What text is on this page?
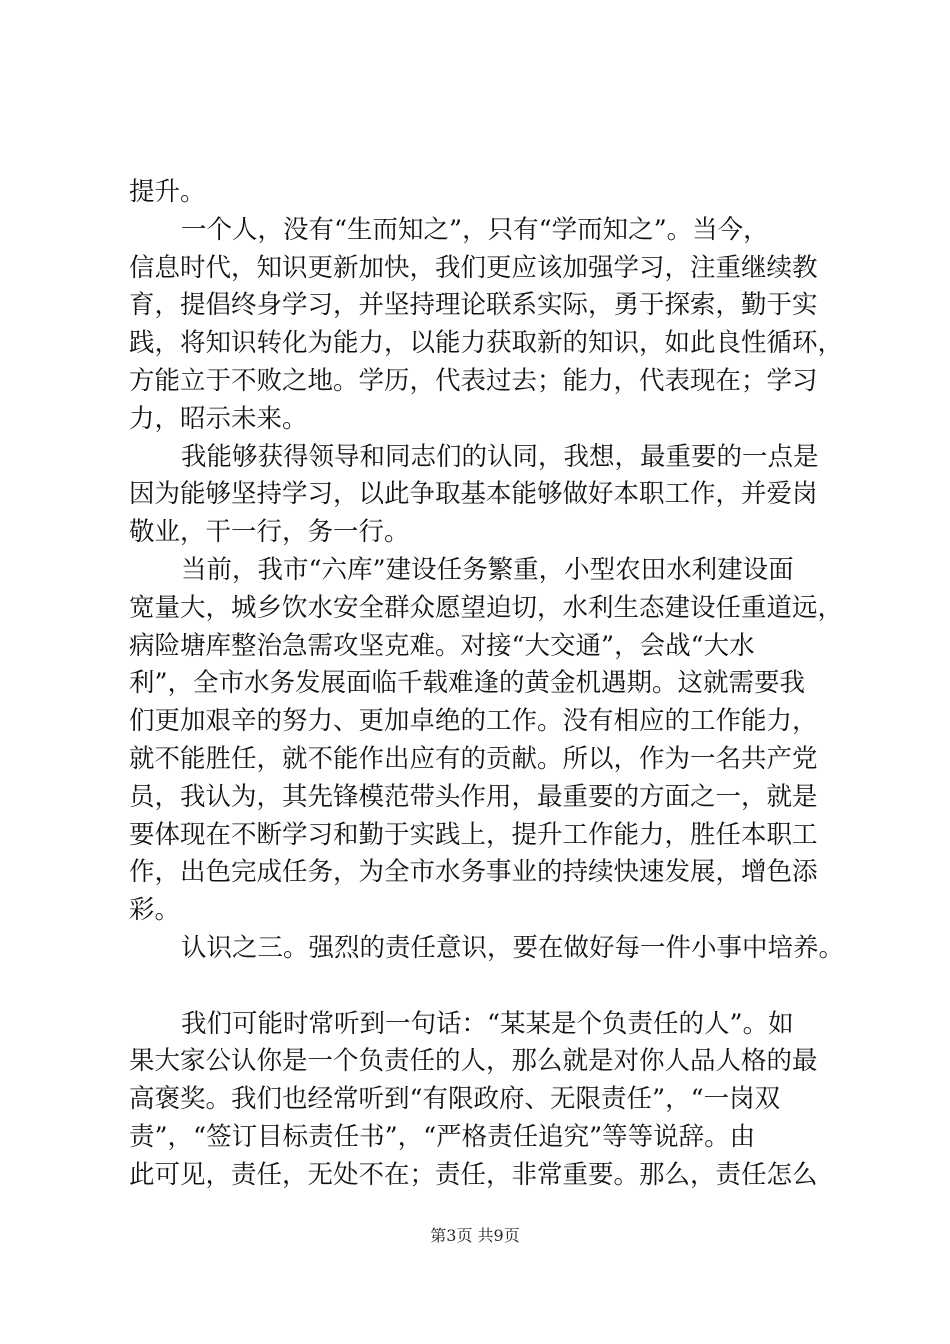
提升。
一个人，没有“生而知之”，只有“学而知之”。当今，
信息时代，知识更新加快，我们更应该加强学习，注重继续教
育，提倡终身学习，并坚持理论联系实际，勇于探索，勤于实
践，将知识转化为能力，以能力获取新的知识，如此良性循环，
方能立于不败之地。学历，代表过去；能力，代表现在；学习
力，昭示未来。
我能够获得领导和同志们的认同，我想，最重要的一点是
因为能够坚持学习，以此争取基本能够做好本职工作，并爱岗
敬业，干一行，务一行。
当前，我市“六库”建设任务繁重，小型农田水利建设面
宽量大，城乡饮水安全群众愿望迫切，水利生态建设任重道远，
病险塘库整治急需攻坚克难。对接“大交通”，会战“大水
利”，全市水务发展面临千载难逢的黄金机遇期。这就需要我
们更加艰辛的努力、更加卓绝的工作。没有相应的工作能力，
就不能胜任，就不能作出应有的贡献。所以，作为一名共产党
员，我认为，其先锋模范带头作用，最重要的方面之一，就是
要体现在不断学习和勤于实践上，提升工作能力，胜任本职工
作，出色完成任务，为全市水务事业的持续快速发展，增色添
彩。
认识之三。强烈的责任意识，要在做好每一件小事中培养。
我们可能时常听到一句话：“某某是个负责任的人”。如
果大家公认你是一个负责任的人，那么就是对你人品人格的最
高褒奖。我们也经常听到“有限政府、无限责任”，“一岗双
责”，“签订目标责任书”，“严格责任追究”等等说辞。由
此可见，责任，无处不在；责任，非常重要。那么，责任怎么
第3页 共9页
